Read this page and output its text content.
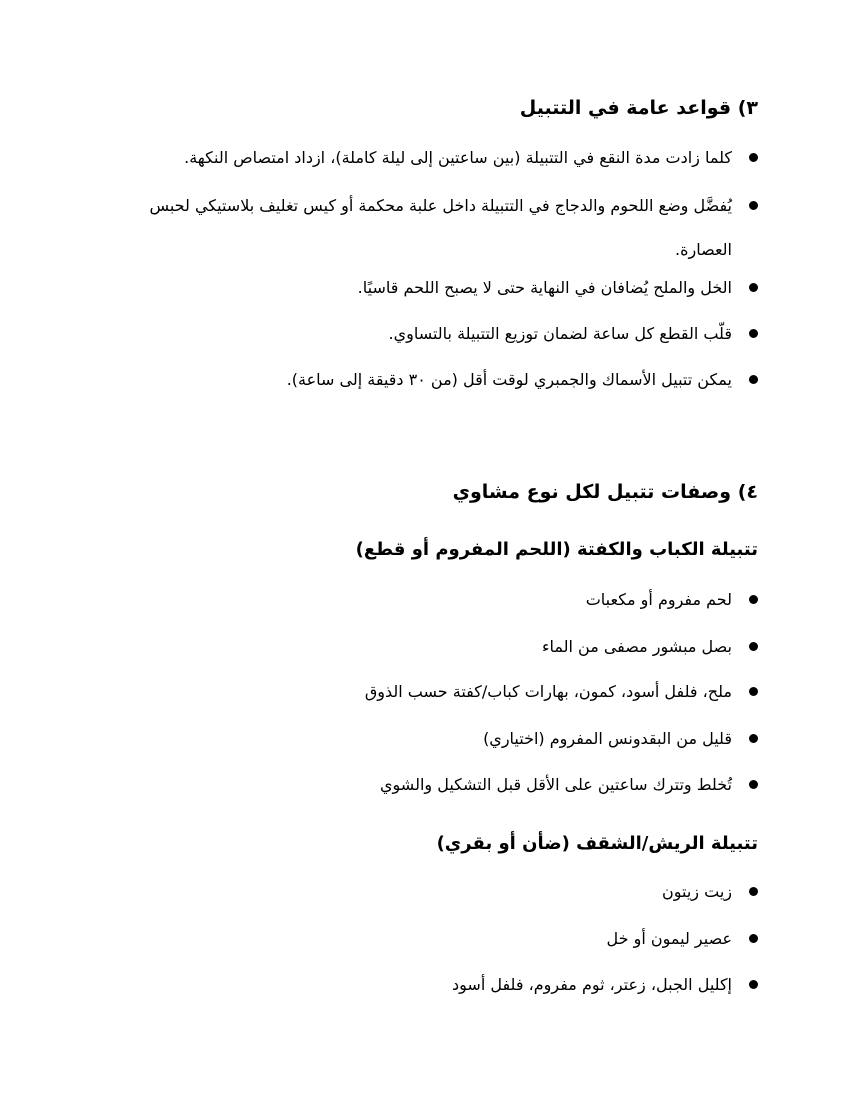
٣) قواعد عامة في التتبيل
كلما زادت مدة النقع في التتبيلة (بين ساعتين إلى ليلة كاملة)، ازداد امتصاص النكهة.
يُفضَّل وضع اللحوم والدجاج في التتبيلة داخل علبة محكمة أو كيس تغليف بلاستيكي لحبس العصارة.
الخل والملح يُضافان في النهاية حتى لا يصبح اللحم قاسيًا.
قلّب القطع كل ساعة لضمان توزيع التتبيلة بالتساوي.
يمكن تتبيل الأسماك والجمبري لوقت أقل (من ٣٠ دقيقة إلى ساعة).
٤) وصفات تتبيل لكل نوع مشاوي
تتبيلة الكباب والكفتة (اللحم المفروم أو قطع)
لحم مفروم أو مكعبات
بصل مبشور مصفى من الماء
ملح، فلفل أسود، كمون، بهارات كباب/كفتة حسب الذوق
قليل من البقدونس المفروم (اختياري)
تُخلط وتترك ساعتين على الأقل قبل التشكيل والشوي
تتبيلة الريش/الشقف (ضأن أو بقري)
زيت زيتون
عصير ليمون أو خل
إكليل الجبل، زعتر، ثوم مفروم، فلفل أسود
